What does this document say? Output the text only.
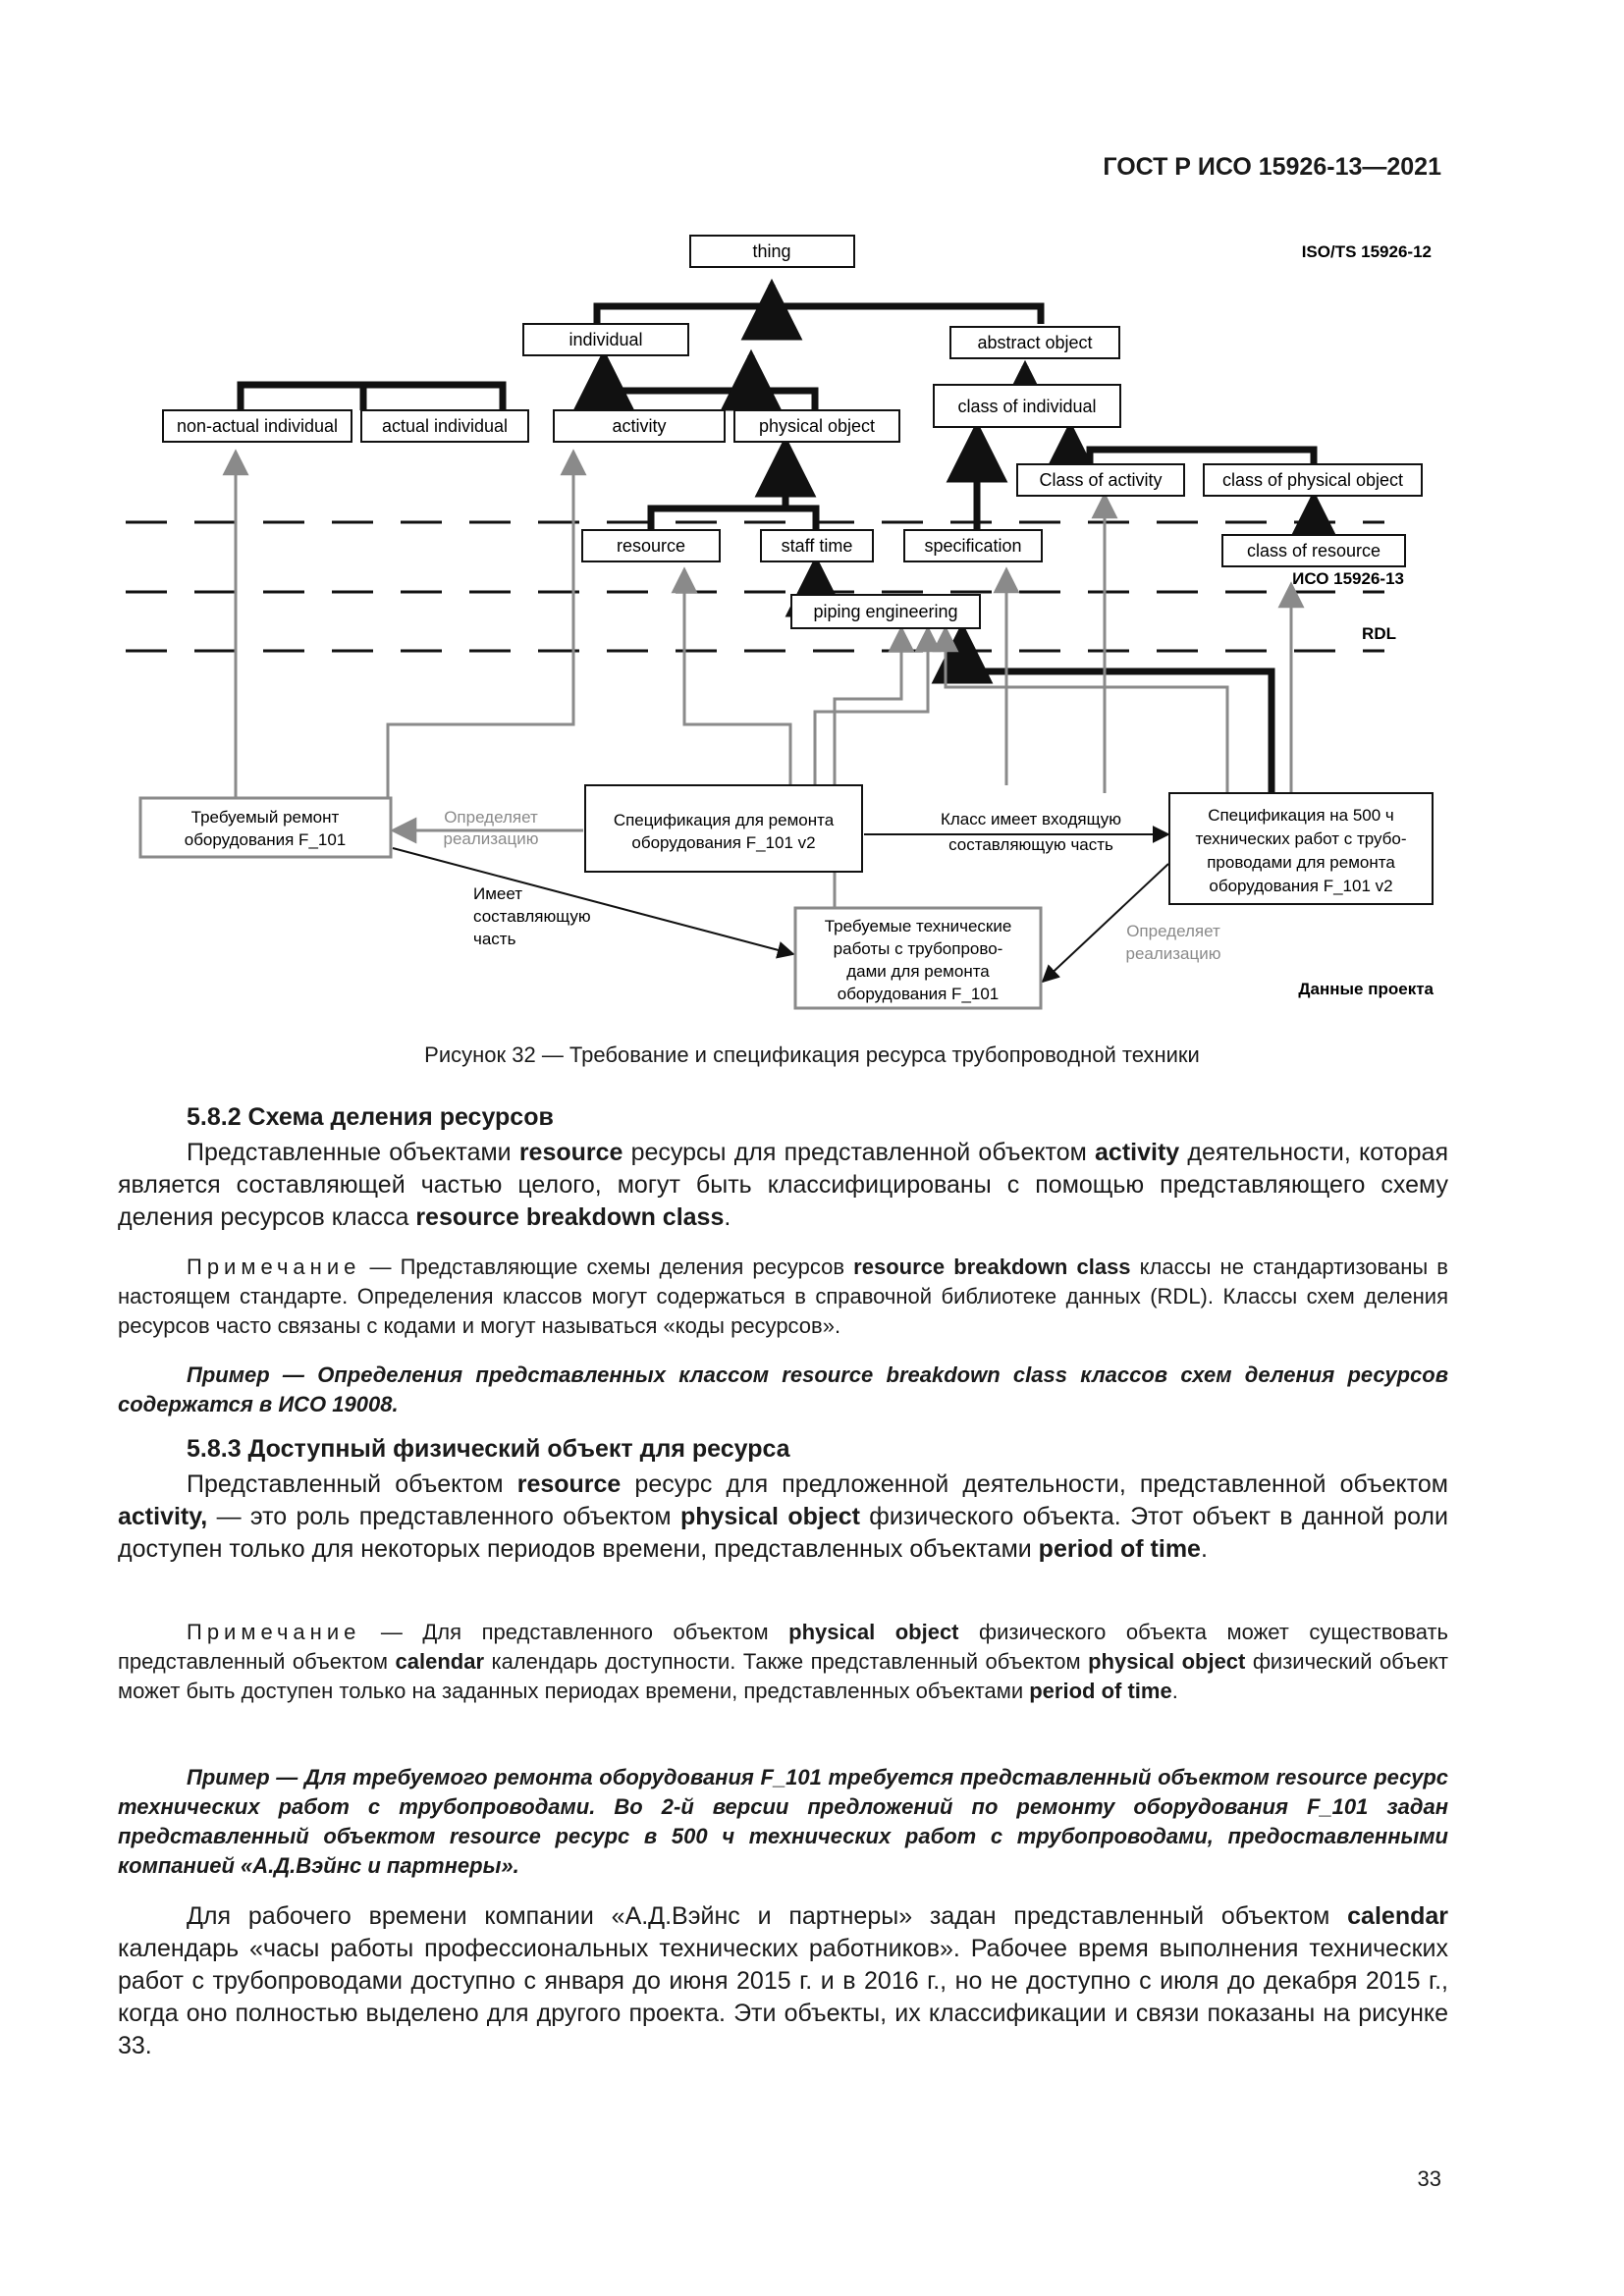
ГОСТ Р ИСО 15926-13—2021
thing
individual	abstract object
non-actual individual actual individual	activity	physical object
class of individual
Class of activity	class of physical object
resource	staff time	specification	class of resource
piping engineering
ISO/TS 15926-12
ИСО 15926-13
RDL
Данные проекта
Требуемый ремонт
оборудования F_101
Спецификация для ремонта
оборудования F_101 v2
Спецификация на 500 ч
технических работ с трубо-
проводами для ремонта
оборудования F_101 v2
Требуемые технические
работы с трубопрово-
дами для ремонта
оборудования F_101
Определяет
реализацию
Имеет
составляющую
часть
Класс имеет входящую
составляющую часть
Определяет
реализацию
Рисунок 32 — Требование и спецификация ресурса трубопроводной техники
5.8.2 Схема деления ресурсов
Представленные объектами resource ресурсы для представленной объектом activity деятельности, которая является составляющей частью целого, могут быть классифицированы с помощью представляющего схему деления ресурсов класса resource breakdown class.
Примечание — Представляющие схемы деления ресурсов resource breakdown class классы не стандартизованы в настоящем стандарте. Определения классов могут содержаться в справочной библиотеке данных (RDL). Классы схем деления ресурсов часто связаны с кодами и могут называться «коды ресурсов».
Пример — Определения представленных классом resource breakdown class классов схем деления ресурсов содержатся в ИСО 19008.
5.8.3 Доступный физический объект для ресурса
Представленный объектом resource ресурс для предложенной деятельности, представленной объектом activity, — это роль представленного объектом physical object физического объекта. Этот объект в данной роли доступен только для некоторых периодов времени, представленных объектами period of time.
Примечание — Для представленного объектом physical object физического объекта может существовать представленный объектом calendar календарь доступности. Также представленный объектом physical object физический объект может быть доступен только на заданных периодах времени, представленных объектами period of time.
Пример — Для требуемого ремонта оборудования F_101 требуется представленный объектом resource ресурс технических работ с трубопроводами. Во 2-й версии предложений по ремонту оборудования F_101 задан представленный объектом resource ресурс в 500 ч технических работ с трубопроводами, предоставленными компанией «А.Д.Вэйнс и партнеры».
Для рабочего времени компании «А.Д.Вэйнс и партнеры» задан представленный объектом calendar календарь «часы работы профессиональных технических работников». Рабочее время выполнения технических работ с трубопроводами доступно с января до июня 2015 г. и в 2016 г., но не доступно с июля до декабря 2015 г., когда оно полностью выделено для другого проекта. Эти объекты, их классификации и связи показаны на рисунке 33.
33
